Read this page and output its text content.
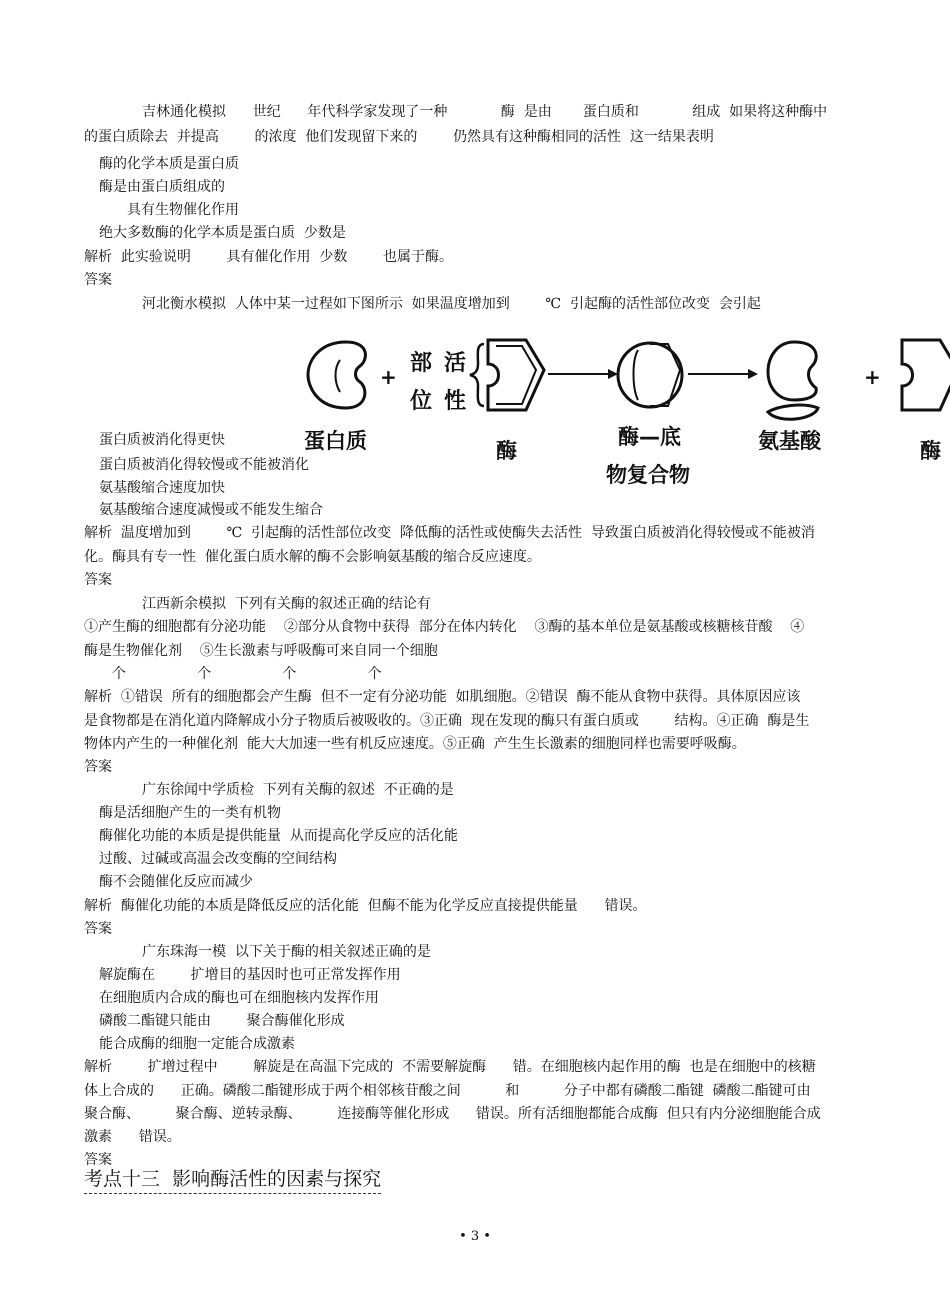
吉林通化模拟      世纪      年代科学家发现了一种            酶  是由       蛋白质和            组成  如果将这种酶中
的蛋白质除去  并提高        的浓度  他们发现留下来的        仍然具有这种酶相同的活性  这一结果表明
酶的化学本质是蛋白质
酶是由蛋白质组成的
具有生物催化作用
绝大多数酶的化学本质是蛋白质  少数是
解析  此实验说明        具有催化作用  少数        也属于酶。
答案
河北衡水模拟  人体中某一过程如下图所示  如果温度增加到        ℃  引起酶的活性部位改变  会引起
+
部 活
位 性
+
蛋白质	酶
酶—底
物复合物
氨基酸	酶
蛋白质被消化得更快
蛋白质被消化得较慢或不能被消化
氨基酸缩合速度加快
氨基酸缩合速度减慢或不能发生缩合
解析  温度增加到        ℃  引起酶的活性部位改变  降低酶的活性或使酶失去活性  导致蛋白质被消化得较慢或不能被消
化。酶具有专一性  催化蛋白质水解的酶不会影响氨基酸的缩合反应速度。
答案
江西新余模拟  下列有关酶的叙述正确的结论有
①产生酶的细胞都有分泌功能    ②部分从食物中获得  部分在体内转化    ③酶的基本单位是氨基酸或核糖核苷酸    ④
酶是生物催化剂    ⑤生长激素与呼吸酶可来自同一个细胞
个                个                个                个
解析  ①错误  所有的细胞都会产生酶  但不一定有分泌功能  如肌细胞。②错误  酶不能从食物中获得。具体原因应该
是食物都是在消化道内降解成小分子物质后被吸收的。③正确  现在发现的酶只有蛋白质或        结构。④正确  酶是生
物体内产生的一种催化剂  能大大加速一些有机反应速度。⑤正确  产生生长激素的细胞同样也需要呼吸酶。
答案
广东徐闻中学质检  下列有关酶的叙述  不正确的是
酶是活细胞产生的一类有机物
酶催化功能的本质是提供能量  从而提高化学反应的活化能
过酸、过碱或高温会改变酶的空间结构
酶不会随催化反应而减少
解析  酶催化功能的本质是降低反应的活化能  但酶不能为化学反应直接提供能量      错误。
答案
广东珠海一模  以下关于酶的相关叙述正确的是
解旋酶在        扩增目的基因时也可正常发挥作用
在细胞质内合成的酶也可在细胞核内发挥作用
磷酸二酯键只能由        聚合酶催化形成
能合成酶的细胞一定能合成激素
解析        扩增过程中        解旋是在高温下完成的  不需要解旋酶      错。在细胞核内起作用的酶  也是在细胞中的核糖
体上合成的      正确。磷酸二酯键形成于两个相邻核苷酸之间          和          分子中都有磷酸二酯键  磷酸二酯键可由
聚合酶、        聚合酶、逆转录酶、        连接酶等催化形成      错误。所有活细胞都能合成酶  但只有内分泌细胞能合成
激素      错误。
答案
考点十三  影响酶活性的因素与探究
• 3 •
